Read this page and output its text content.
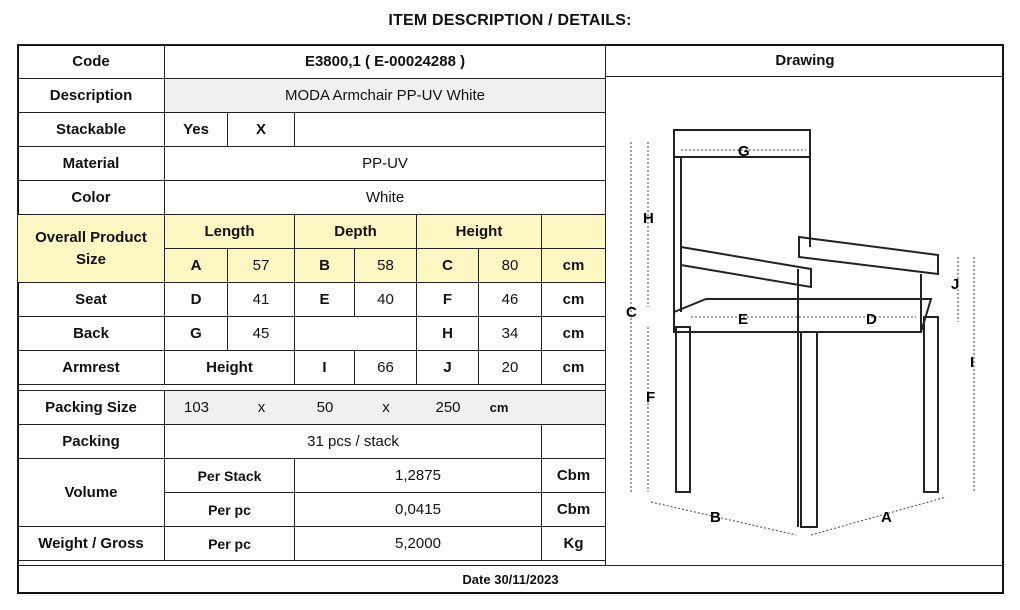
ITEM DESCRIPTION / DETAILS:
Code	E3800,1 ( E-00024288 )						
Description	MODA Armchair PP-UV White						
Stackable	Yes	X					
Material	PP-UV						
Color	White						
Overall Product Size	Length		Depth		Height		
	A	57	B	58	C	80	cm
Seat	D	41	E	40	F	46	cm
Back	G	45			H	34	cm
Armrest	Height		I	66	J	20	cm

Packing Size	103 x 50 x 250 cm						
Packing	31 pcs / stack						
Volume	Per Stack		1,2875				Cbm
	Per pc		0,0415				Cbm
Weight / Gross	Per pc		5,2000				Kg
Drawing
G
H
C	E	D
J
I
F
B	A
Date 30/11/2023
